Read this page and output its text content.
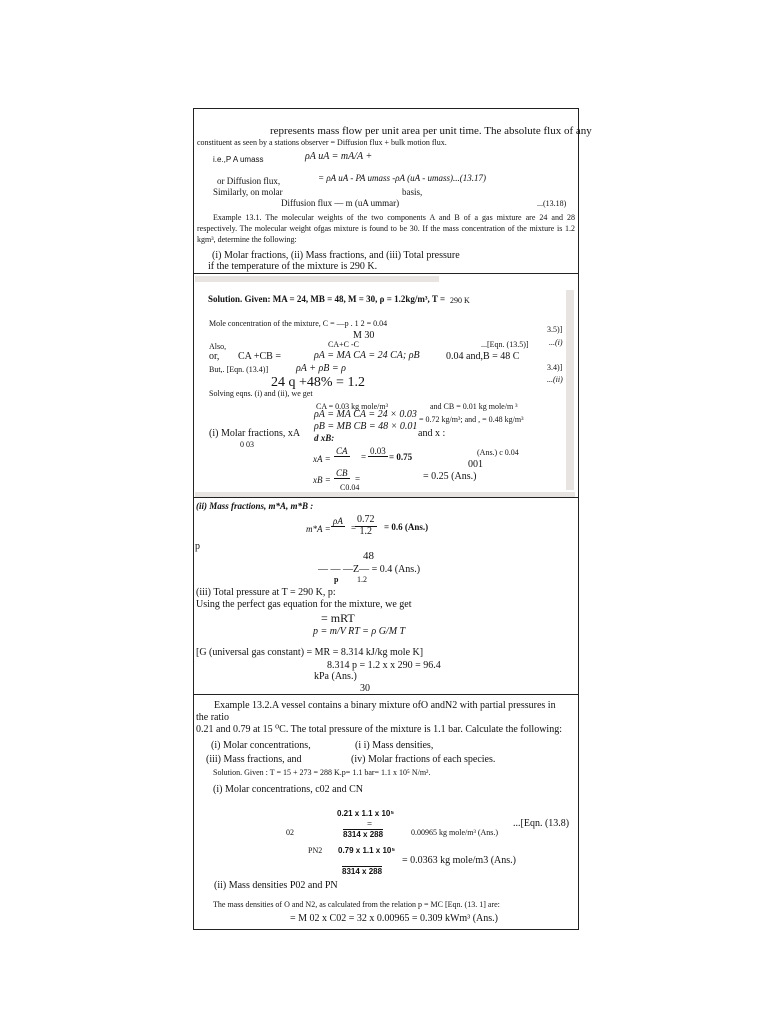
represents mass flow per unit area per unit time. The absolute flux of any
constituent as seen by a stations observer = Diffusion flux + bulk motion flux.
i.e.,P A umass	ρA uA = mA/A +
or Diffusion flux,	= ρA uA - PA umass -ρA (uA - umass)...(13.17)
Similarly, on molar	basis,
Diffusion flux — m (uA ummar)	...(13.18)
Example 13.1. The molecular weights of the two components A and B of a gas mixture are 24 and 28 respectively. The molecular weight ofgas mixture is found to be 30. If the mass concentration of the mixture is 1.2 kgm³, determine the following:
(i) Molar fractions, (ii) Mass fractions, and (iii) Total pressure
if the temperature of the mixture is 290 K.
Solution. Given: MA = 24, MB = 48, M = 30, ρ = 1.2kg/m³, T = 290 K
Mole concentration of the mixture, C = —p . 1 2 = 0.04
M 30
3.5)]
...(i)
Also,	CA+C -C	...[Eqn. (13.5)]
or, CA +CB =	ρA = MA CA = 24 CA; ρB	0.04 and,B = 48 C
But,. [Eqn. (13.4)]	ρA + ρB = ρ	3.4)]
24 q +48% = 1.2	...(ii)
Solving eqns. (i) and (ii), we get
CA = 0.03 kg mole/m³	and CB = 0.01 kg mole/m ³
ρA = MA CA = 24 × 0.03 = 0.72 kg/m³; and , = 0.48 kg/m³
ρB = MB CB = 48 × 0.01
(i) Molar fractions, xA	and x :
d xB:
0 03
xA =
CA

=
0.03

= 0.75	(Ans.) c 0.04
001
xB =
CB

=	= 0.25 (Ans.)
C0.04
(ii) Mass fractions, m*A, m*B :
m*A =
ρA

=
$\frac{0.72}{1.2} = 0.6$ (Ans.)
p
48
— — —Z— = 0.4 (Ans.)
p 1.2
(iii) Total pressure at T = 290 K, p:
Using the perfect gas equation for the mixture, we get
= mRT
p = m/V RT = ρ G/M T
[G (universal gas constant) = MR = 8.314 kJ/kg mole K]
8.314 p = 1.2 x x 290 = 96.4
kPa (Ans.)
30
Example 13.2.A vessel contains a binary mixture ofO andN2 with partial pressures in
the ratio
0.21 and 0.79 at 15 ⁰C. The total pressure of the mixture is 1.1 bar. Calculate the following:
(i) Molar concentrations,	(i i) Mass densities,
(iii) Mass fractions, and	(iv) Molar fractions of each species.
Solution. Given : T = 15 + 273 = 288 K.p= 1.1 bar= 1.1 x 10⁵ N/m².
(i) Molar concentrations, c02 and CN
0.21 x 1.1 x 10⁵
=	...[Eqn. (13.8)
02	8314 x 288	0.00965 kg mole/m³ (Ans.)
PN2 0.79 x 1.1 x 10⁵
= 0.0363 kg mole/m3 (Ans.)
8314 x 288
(ii) Mass densities P02 and PN
The mass densities of O and N2, as calculated from the relation p = MC [Eqn. (13. 1] are:
= M 02 x C02 = 32 x 0.00965 = 0.309 kWm³ (Ans.)
